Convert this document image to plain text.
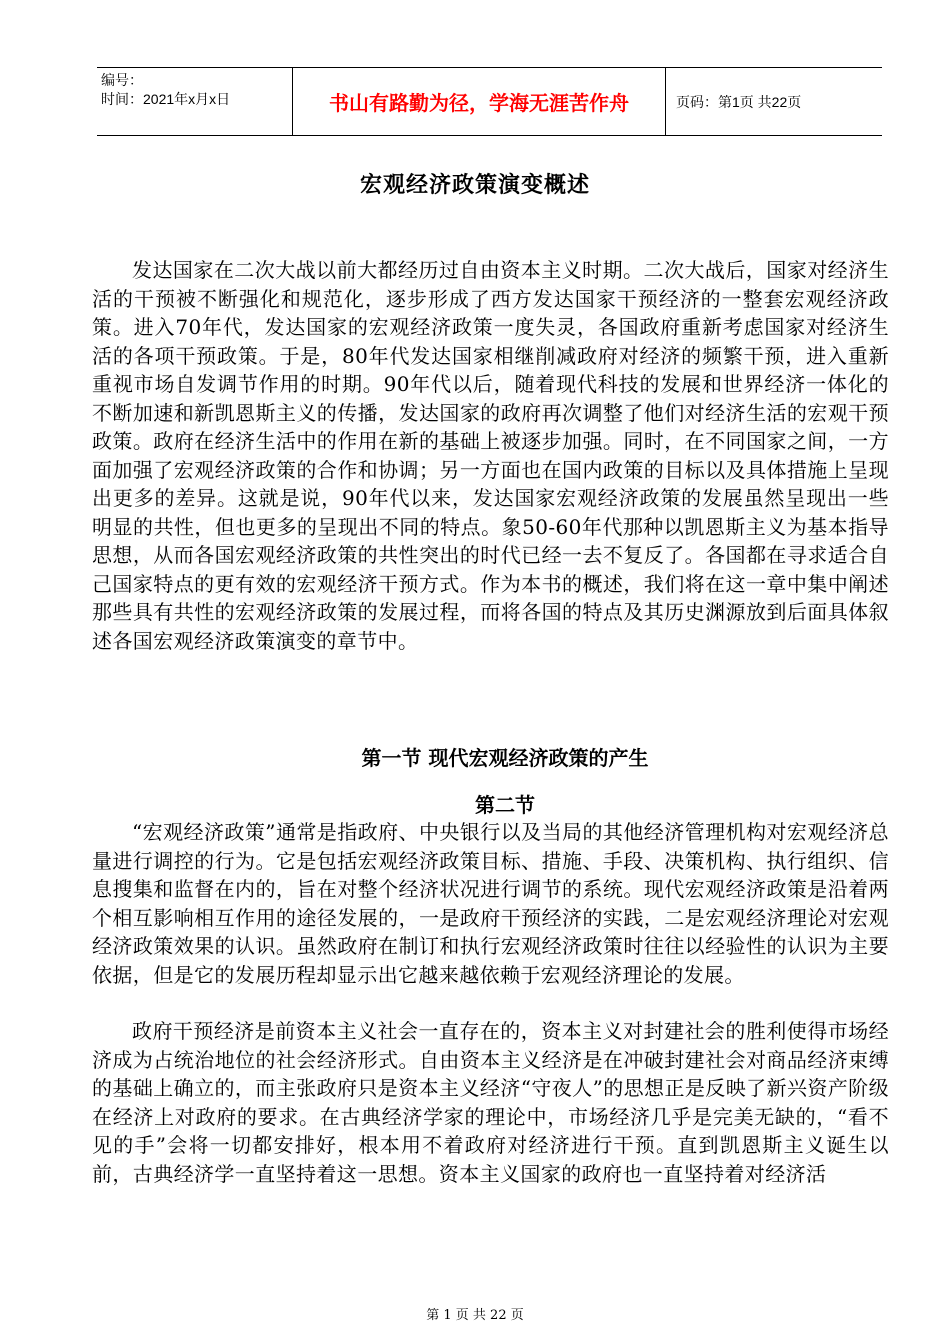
编号：
时间：2021年x月x日	书山有路勤为径，学海无涯苦作舟	页码：第1页 共22页
宏观经济政策演变概述

发达国家在二次大战以前大都经历过自由资本主义时期。二次大战后，国家对经济生活的干预被不断强化和规范化，逐步形成了西方发达国家干预经济的一整套宏观经济政策。进入70年代，发达国家的宏观经济政策一度失灵，各国政府重新考虑国家对经济生活的各项干预政策。于是，80年代发达国家相继削减政府对经济的频繁干预，进入重新重视市场自发调节作用的时期。90年代以后，随着现代科技的发展和世界经济一体化的不断加速和新凯恩斯主义的传播，发达国家的政府再次调整了他们对经济生活的宏观干预政策。政府在经济生活中的作用在新的基础上被逐步加强。同时，在不同国家之间，一方面加强了宏观经济政策的合作和协调；另一方面也在国内政策的目标以及具体措施上呈现出更多的差异。这就是说，90年代以来，发达国家宏观经济政策的发展虽然呈现出一些明显的共性，但也更多的呈现出不同的特点。象50-60年代那种以凯恩斯主义为基本指导思想，从而各国宏观经济政策的共性突出的时代已经一去不复反了。各国都在寻求适合自己国家特点的更有效的宏观经济干预方式。作为本书的概述，我们将在这一章中集中阐述那些具有共性的宏观经济政策的发展过程，而将各国的特点及其历史渊源放到后面具体叙述各国宏观经济政策演变的章节中。

第一节 现代宏观经济政策的产生
第二节

“宏观经济政策”通常是指政府、中央银行以及当局的其他经济管理机构对宏观经济总量进行调控的行为。它是包括宏观经济政策目标、措施、手段、决策机构、执行组织、信息搜集和监督在内的，旨在对整个经济状况进行调节的系统。现代宏观经济政策是沿着两个相互影响相互作用的途径发展的，一是政府干预经济的实践，二是宏观经济理论对宏观经济政策效果的认识。虽然政府在制订和执行宏观经济政策时往往以经验性的认识为主要依据，但是它的发展历程却显示出它越来越依赖于宏观经济理论的发展。

政府干预经济是前资本主义社会一直存在的，资本主义对封建社会的胜利使得市场经济成为占统治地位的社会经济形式。自由资本主义经济是在冲破封建社会对商品经济束缚的基础上确立的，而主张政府只是资本主义经济“守夜人”的思想正是反映了新兴资产阶级在经济上对政府的要求。在古典经济学家的理论中，市场经济几乎是完美无缺的，“看不见的手”会将一切都安排好，根本用不着政府对经济进行干预。直到凯恩斯主义诞生以前，古典经济学一直坚持着这一思想。资本主义国家的政府也一直坚持着对经济活

第 1 页 共 22 页
